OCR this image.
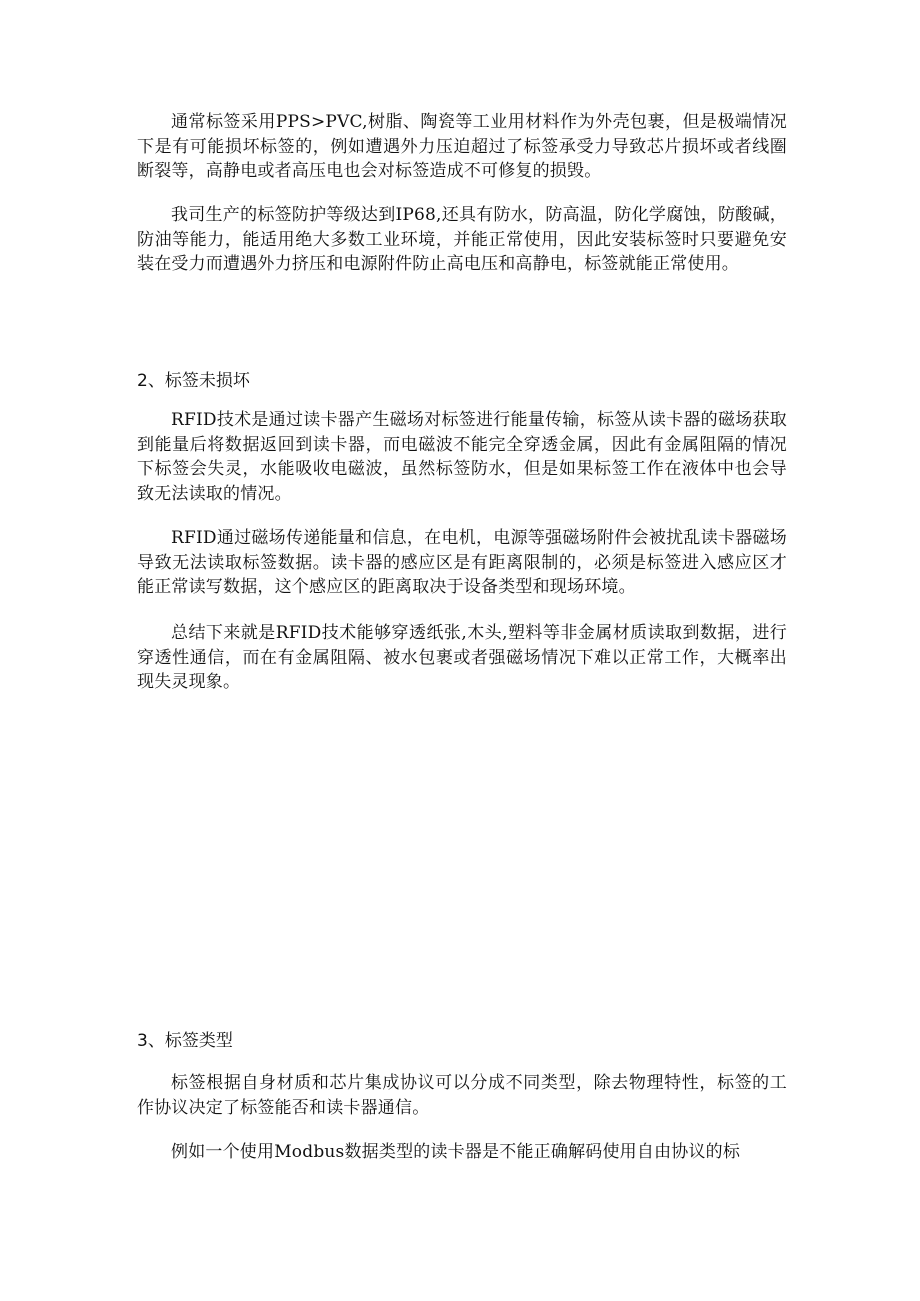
通常标签采用PPS>PVC,树脂、陶瓷等工业用材料作为外壳包裹，但是极端情况下是有可能损坏标签的，例如遭遇外力压迫超过了标签承受力导致芯片损坏或者线圈断裂等，高静电或者高压电也会对标签造成不可修复的损毁。

我司生产的标签防护等级达到IP68,还具有防水，防高温，防化学腐蚀，防酸碱，防油等能力，能适用绝大多数工业环境，并能正常使用，因此安装标签时只要避免安装在受力而遭遇外力挤压和电源附件防止高电压和高静电，标签就能正常使用。

2、标签未损坏

RFID技术是通过读卡器产生磁场对标签进行能量传输，标签从读卡器的磁场获取到能量后将数据返回到读卡器，而电磁波不能完全穿透金属，因此有金属阻隔的情况下标签会失灵，水能吸收电磁波，虽然标签防水，但是如果标签工作在液体中也会导致无法读取的情况。

RFID通过磁场传递能量和信息，在电机，电源等强磁场附件会被扰乱读卡器磁场导致无法读取标签数据。读卡器的感应区是有距离限制的，必须是标签进入感应区才能正常读写数据，这个感应区的距离取决于设备类型和现场环境。

总结下来就是RFID技术能够穿透纸张,木头,塑料等非金属材质读取到数据，进行穿透性通信，而在有金属阻隔、被水包裹或者强磁场情况下难以正常工作，大概率出现失灵现象。

3、标签类型

标签根据自身材质和芯片集成协议可以分成不同类型，除去物理特性，标签的工作协议决定了标签能否和读卡器通信。

例如一个使用Modbus数据类型的读卡器是不能正确解码使用自由协议的标
